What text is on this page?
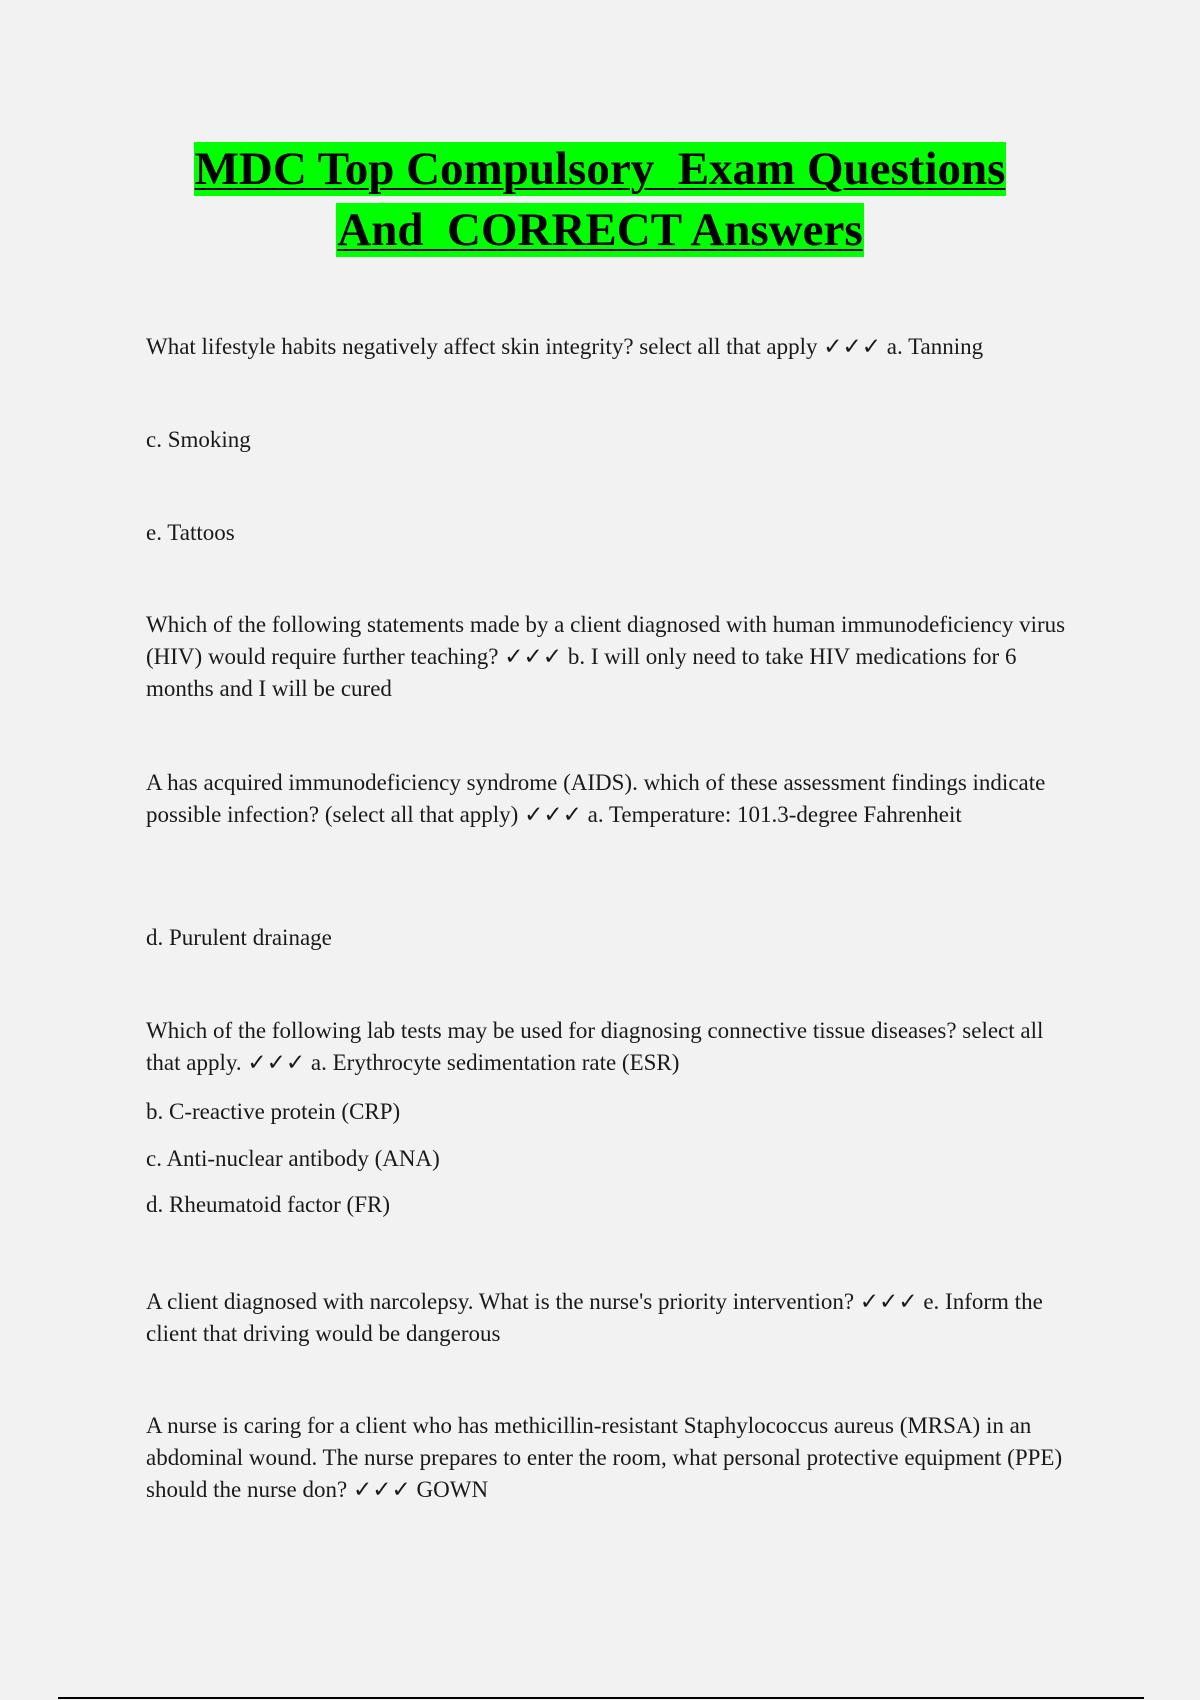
MDC Top Compulsory  Exam Questions
And  CORRECT Answers

What lifestyle habits negatively affect skin integrity? select all that apply ✓✓✓ a. Tanning

c. Smoking

e. Tattoos

Which of the following statements made by a client diagnosed with human immunodeficiency virus (HIV) would require further teaching? ✓✓✓ b. I will only need to take HIV medications for 6 months and I will be cured

A has acquired immunodeficiency syndrome (AIDS). which of these assessment findings indicate possible infection? (select all that apply) ✓✓✓ a. Temperature: 101.3-degree Fahrenheit

d. Purulent drainage

Which of the following lab tests may be used for diagnosing connective tissue diseases? select all that apply. ✓✓✓ a. Erythrocyte sedimentation rate (ESR)

b. C-reactive protein (CRP)

c. Anti-nuclear antibody (ANA)

d. Rheumatoid factor (FR)

A client diagnosed with narcolepsy. What is the nurse's priority intervention? ✓✓✓ e. Inform the client that driving would be dangerous

A nurse is caring for a client who has methicillin-resistant Staphylococcus aureus (MRSA) in an abdominal wound. The nurse prepares to enter the room, what personal protective equipment (PPE) should the nurse don? ✓✓✓ GOWN
